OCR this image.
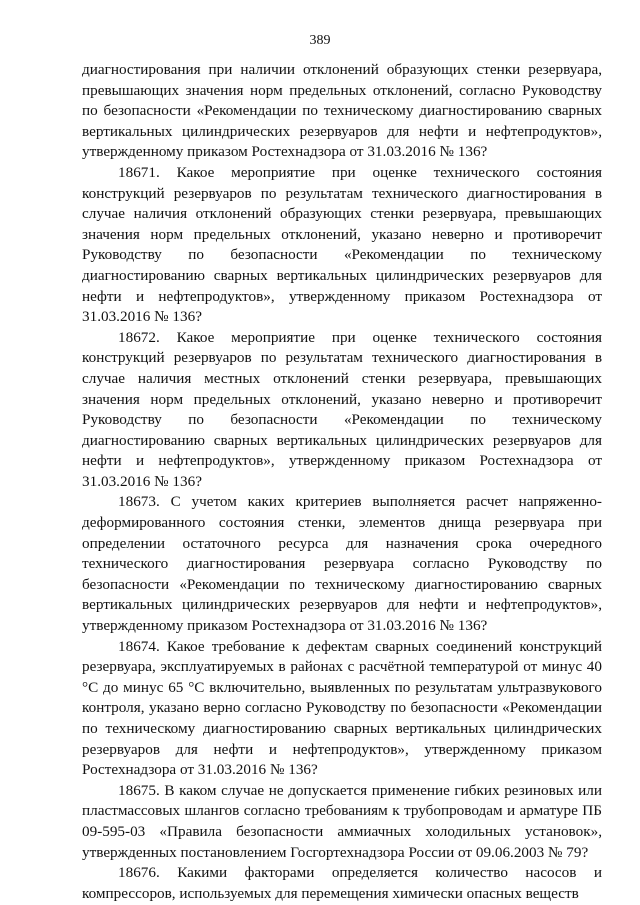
389

диагностирования при наличии отклонений образующих стенки резервуара, превышающих значения норм предельных отклонений, согласно Руководству по безопасности «Рекомендации по техническому диагностированию сварных вертикальных цилиндрических резервуаров для нефти и нефтепродуктов», утвержденному приказом Ростехнадзора от 31.03.2016 № 136?

18671. Какое мероприятие при оценке технического состояния конструкций резервуаров по результатам технического диагностирования в случае наличия отклонений образующих стенки резервуара, превышающих значения норм предельных отклонений, указано неверно и противоречит Руководству по безопасности «Рекомендации по техническому диагностированию сварных вертикальных цилиндрических резервуаров для нефти и нефтепродуктов», утвержденному приказом Ростехнадзора от 31.03.2016 № 136?

18672. Какое мероприятие при оценке технического состояния конструкций резервуаров по результатам технического диагностирования в случае наличия местных отклонений стенки резервуара, превышающих значения норм предельных отклонений, указано неверно и противоречит Руководству по безопасности «Рекомендации по техническому диагностированию сварных вертикальных цилиндрических резервуаров для нефти и нефтепродуктов», утвержденному приказом Ростехнадзора от 31.03.2016 № 136?

18673. С учетом каких критериев выполняется расчет напряженно-деформированного состояния стенки, элементов днища резервуара при определении остаточного ресурса для назначения срока очередного технического диагностирования резервуара согласно Руководству по безопасности «Рекомендации по техническому диагностированию сварных вертикальных цилиндрических резервуаров для нефти и нефтепродуктов», утвержденному приказом Ростехнадзора от 31.03.2016 № 136?

18674. Какое требование к дефектам сварных соединений конструкций резервуара, эксплуатируемых в районах с расчётной температурой от минус 40 °С до минус 65 °С включительно, выявленных по результатам ультразвукового контроля, указано верно согласно Руководству по безопасности «Рекомендации по техническому диагностированию сварных вертикальных цилиндрических резервуаров для нефти и нефтепродуктов», утвержденному приказом Ростехнадзора от 31.03.2016 № 136?

18675. В каком случае не допускается применение гибких резиновых или пластмассовых шлангов согласно требованиям к трубопроводам и арматуре ПБ 09-595-03 «Правила безопасности аммиачных холодильных установок», утвержденных постановлением Госгортехнадзора России от 09.06.2003 № 79?

18676. Какими факторами определяется количество насосов и компрессоров, используемых для перемещения химически опасных веществ
